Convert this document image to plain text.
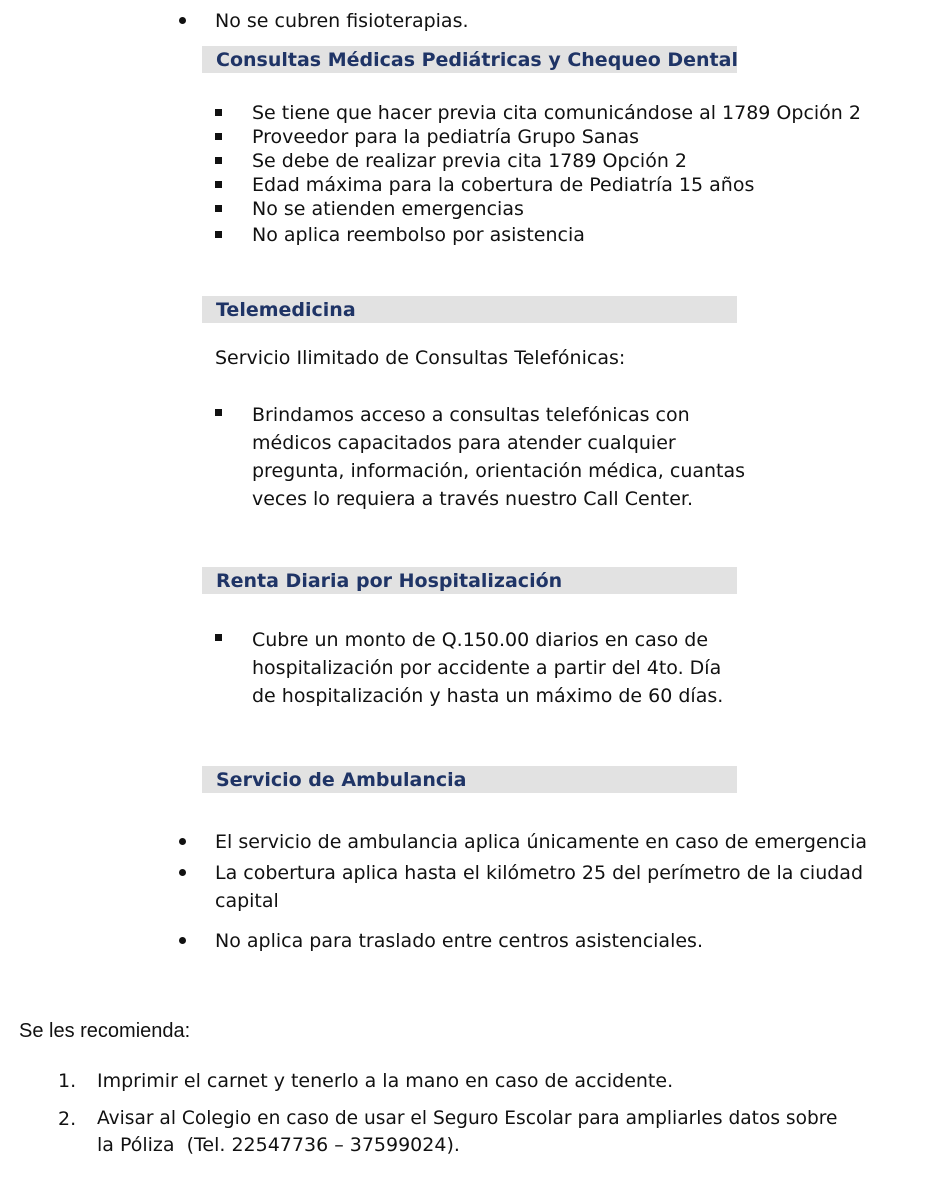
No se cubren fisioterapias.
Consultas Médicas Pediátricas y Chequeo Dental
Se tiene que hacer previa cita comunicándose al 1789 Opción 2
Proveedor para la pediatría Grupo Sanas
Se debe de realizar previa cita 1789 Opción 2
Edad máxima para la cobertura de Pediatría 15 años
No se atienden emergencias
No aplica reembolso por asistencia
Telemedicina
Servicio Ilimitado de Consultas Telefónicas:
Brindamos acceso a consultas telefónicas con
médicos capacitados para atender cualquier
pregunta, información, orientación médica, cuantas
veces lo requiera a través nuestro Call Center.
Renta Diaria por Hospitalización
Cubre un monto de Q.150.00 diarios en caso de
hospitalización por accidente a partir del 4to. Día
de hospitalización y hasta un máximo de 60 días.
Servicio de Ambulancia
El servicio de ambulancia aplica únicamente en caso de emergencia
La cobertura aplica hasta el kilómetro 25 del perímetro de la ciudad
capital
No aplica para traslado entre centros asistenciales.
Se les recomienda:
1. Imprimir el carnet y tenerlo a la mano en caso de accidente.
2. Avisar al Colegio en caso de usar el Seguro Escolar para ampliarles datos sobre
la Póliza  (Tel. 22547736 – 37599024).
